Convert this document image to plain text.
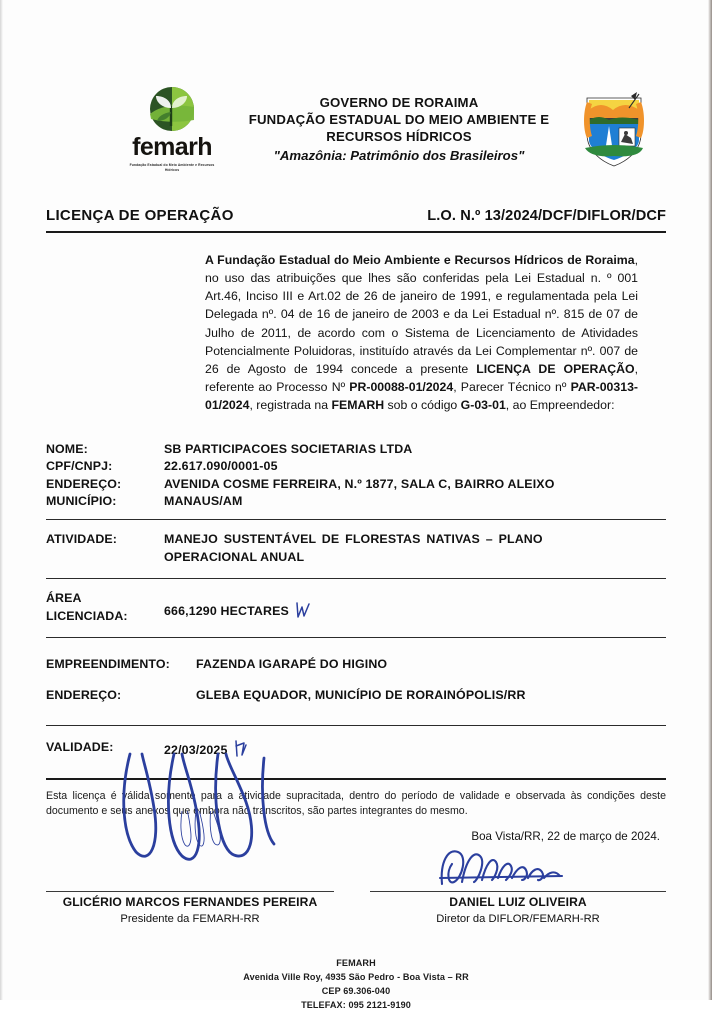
femarh
Fundação Estadual do Meio Ambiente e Recursos Hídricos
GOVERNO DE RORAIMA
FUNDAÇÃO ESTADUAL DO MEIO AMBIENTE E
RECURSOS HÍDRICOS
"Amazônia: Patrimônio dos Brasileiros"
LICENÇA DE OPERAÇÃO	L.O. N.º 13/2024/DCF/DIFLOR/DCF

A Fundação Estadual do Meio Ambiente e Recursos Hídricos de Roraima, no uso das atribuições que lhes são conferidas pela Lei Estadual n. º 001 Art.46, Inciso III e Art.02 de 26 de janeiro de 1991, e regulamentada pela Lei Delegada nº. 04 de 16 de janeiro de 2003 e da Lei Estadual nº. 815 de 07 de Julho de 2011, de acordo com o Sistema de Licenciamento de Atividades Potencialmente Poluidoras, instituído através da Lei Complementar nº. 007 de 26 de Agosto de 1994 concede a presente LICENÇA DE OPERAÇÃO, referente ao Processo Nº PR-00088-01/2024, Parecer Técnico nº PAR-00313-01/2024, registrada na FEMARH sob o código G-03-01, ao Empreendedor:

NOME:	SB PARTICIPACOES SOCIETARIAS LTDA
CPF/CNPJ:	22.617.090/0001-05
ENDEREÇO:	AVENIDA COSME FERREIRA, N.º 1877, SALA C, BAIRRO ALEIXO
MUNICÍPIO:	MANAUS/AM
ATIVIDADE:	MANEJO SUSTENTÁVEL DE FLORESTAS NATIVAS – PLANO
OPERACIONAL ANUAL
ÁREA
LICENCIADA:	666,1290 HECTARES
EMPREENDIMENTO:	FAZENDA IGARAPÉ DO HIGINO
ENDEREÇO:	GLEBA EQUADOR, MUNICÍPIO DE RORAINÓPOLIS/RR
VALIDADE:	22/03/2025

Esta licença é válida somente para a atividade supracitada, dentro do período de validade e observada às condições deste documento e seus anexos que embora não transcritos, são partes integrantes do mesmo.

Boa Vista/RR, 22 de março de 2024.
GLICÉRIO MARCOS FERNANDES PEREIRA
Presidente da FEMARH-RR
DANIEL LUIZ OLIVEIRA
Diretor da DIFLOR/FEMARH-RR
FEMARH
Avenida Ville Roy, 4935 São Pedro - Boa Vista – RR
CEP 69.306-040
TELEFAX: 095 2121-9190
